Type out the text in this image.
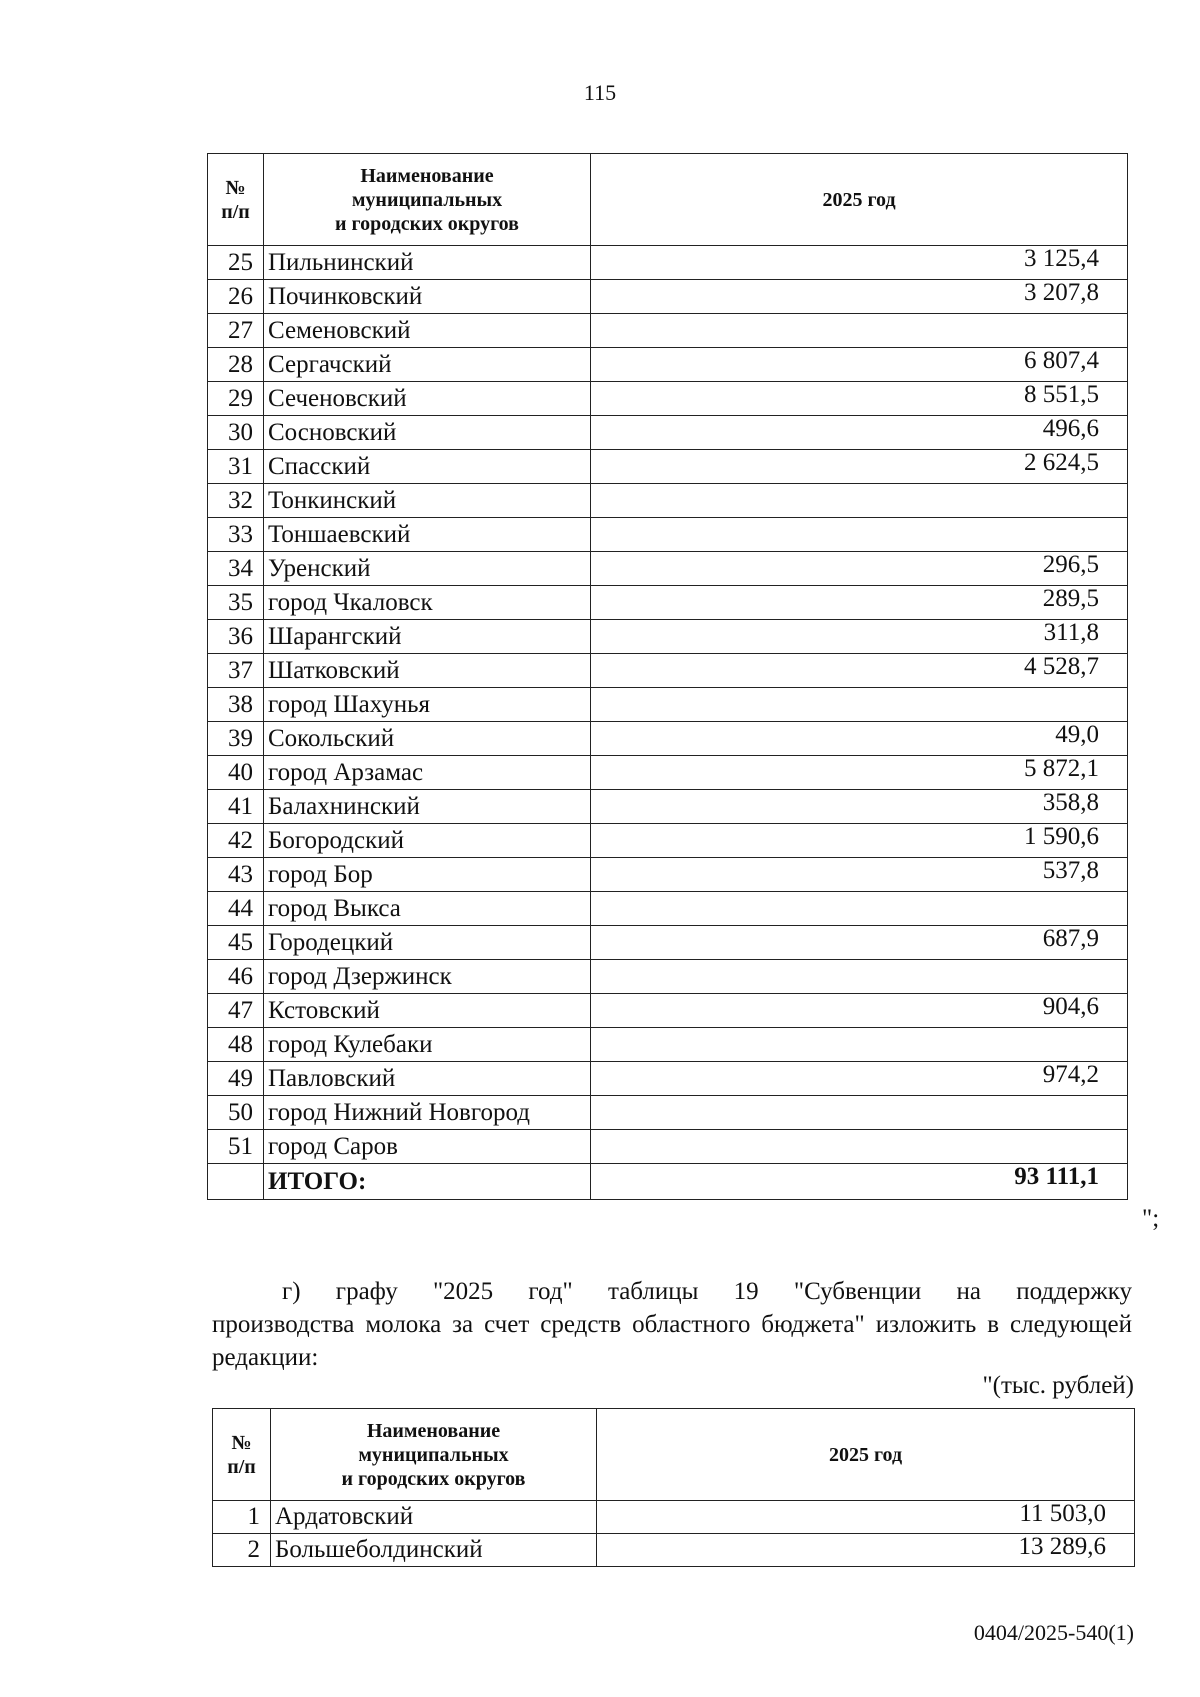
115
№
п/п	Наименование
муниципальных
и городских округов	2025 год
25	Пильнинский	3 125,4
26	Починковский	3 207,8
27	Семеновский	
28	Сергачский	6 807,4
29	Сеченовский	8 551,5
30	Сосновский	496,6
31	Спасский	2 624,5
32	Тонкинский	
33	Тоншаевский	
34	Уренский	296,5
35	город Чкаловск	289,5
36	Шарангский	311,8
37	Шатковский	4 528,7
38	город Шахунья	
39	Сокольский	49,0
40	город Арзамас	5 872,1
41	Балахнинский	358,8
42	Богородский	1 590,6
43	город Бор	537,8
44	город Выкса	
45	Городецкий	687,9
46	город Дзержинск	
47	Кстовский	904,6
48	город Кулебаки	
49	Павловский	974,2
50	город Нижний Новгород	
51	город Саров	
	ИТОГО:	93 111,1
";
г) графу "2025 год" таблицы 19 "Субвенции на поддержку
производства молока за счет средств областного бюджета" изложить в следующей редакции:
"(тыс. рублей)
№
п/п	Наименование
муниципальных
и городских округов	2025 год
1	Ардатовский	11 503,0
2	Большеболдинский	13 289,6
0404/2025-540(1)
